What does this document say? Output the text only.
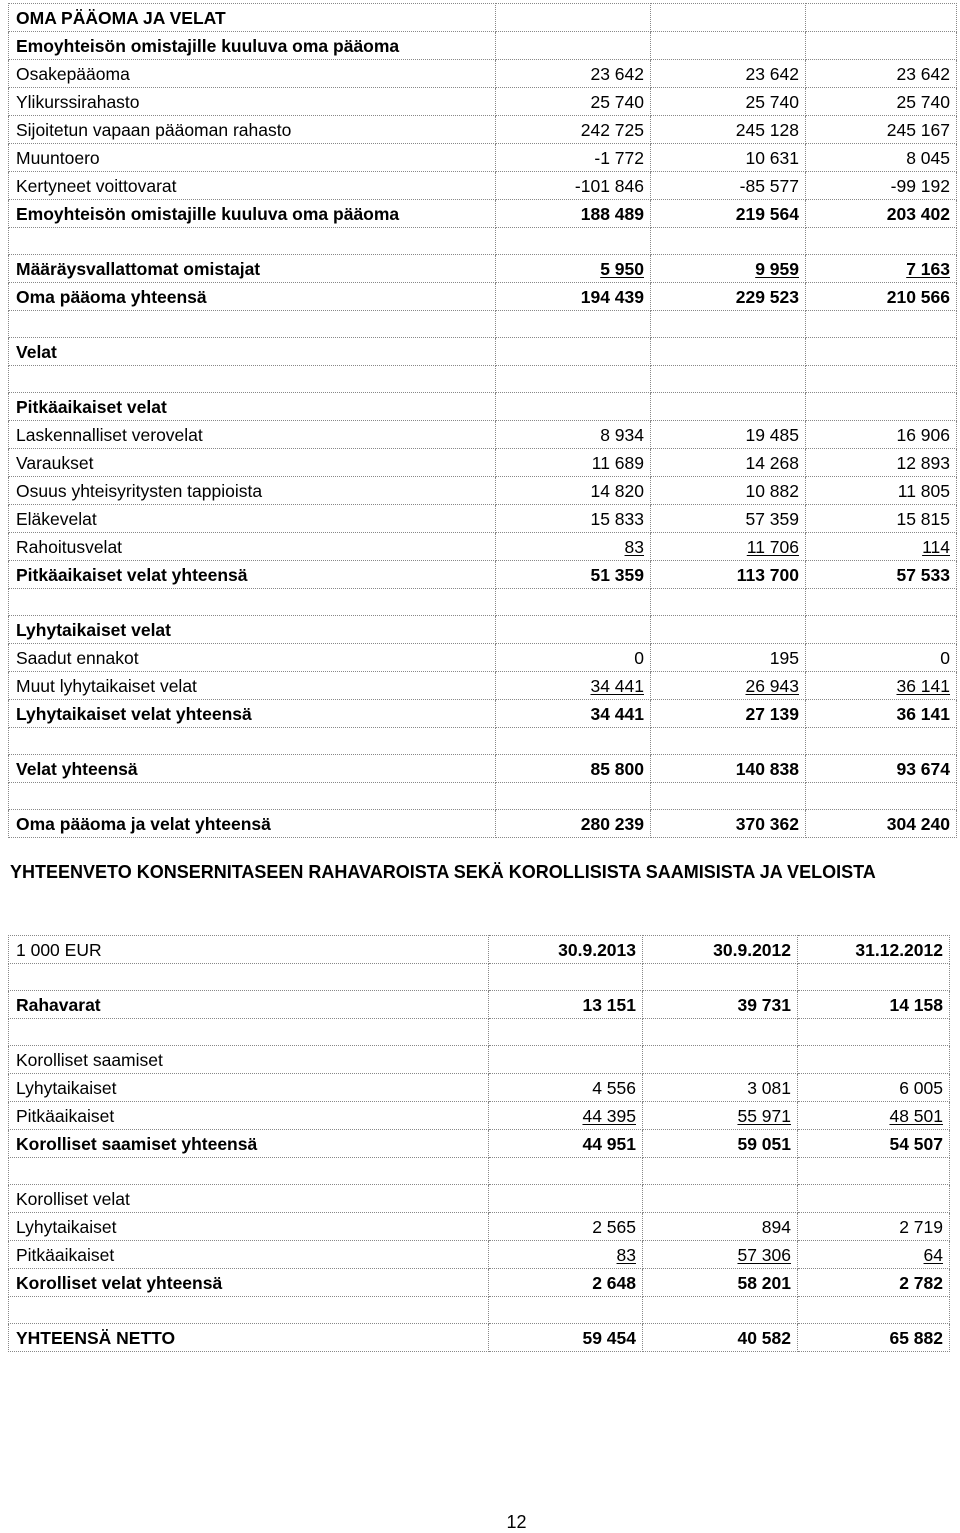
OMA PÄÄOMA JA VELAT			
Emoyhteisön omistajille kuuluva oma pääoma			
Osakepääoma	23 642	23 642	23 642
Ylikurssirahasto	25 740	25 740	25 740
Sijoitetun vapaan pääoman rahasto	242 725	245 128	245 167
Muuntoero	-1 772	10 631	8 045
Kertyneet voittovarat	-101 846	-85 577	-99 192
Emoyhteisön omistajille kuuluva oma pääoma	188 489	219 564	203 402

Määräysvallattomat omistajat	5 950	9 959	7 163
Oma pääoma yhteensä	194 439	229 523	210 566

Velat			

Pitkäaikaiset velat			
Laskennalliset verovelat	8 934	19 485	16 906
Varaukset	11 689	14 268	12 893
Osuus yhteisyritysten tappioista	14 820	10 882	11 805
Eläkevelat	15 833	57 359	15 815
Rahoitusvelat	83	11 706	114
Pitkäaikaiset velat yhteensä	51 359	113 700	57 533

Lyhytaikaiset velat			
Saadut ennakot	0	195	0
Muut lyhytaikaiset velat	34 441	26 943	36 141
Lyhytaikaiset velat yhteensä	34 441	27 139	36 141

Velat yhteensä	85 800	140 838	93 674

Oma pääoma ja velat yhteensä	280 239	370 362	304 240
YHTEENVETO KONSERNITASEEN RAHAVAROISTA SEKÄ KOROLLISISTA SAAMISISTA JA VELOISTA
1 000 EUR	30.9.2013	30.9.2012	31.12.2012

Rahavarat	13 151	39 731	14 158

Korolliset saamiset			
Lyhytaikaiset	4 556	3 081	6 005
Pitkäaikaiset	44 395	55 971	48 501
Korolliset saamiset yhteensä	44 951	59 051	54 507

Korolliset velat			
Lyhytaikaiset	2 565	894	2 719
Pitkäaikaiset	83	57 306	64
Korolliset velat yhteensä	2 648	58 201	2 782

YHTEENSÄ NETTO	59 454	40 582	65 882
12
